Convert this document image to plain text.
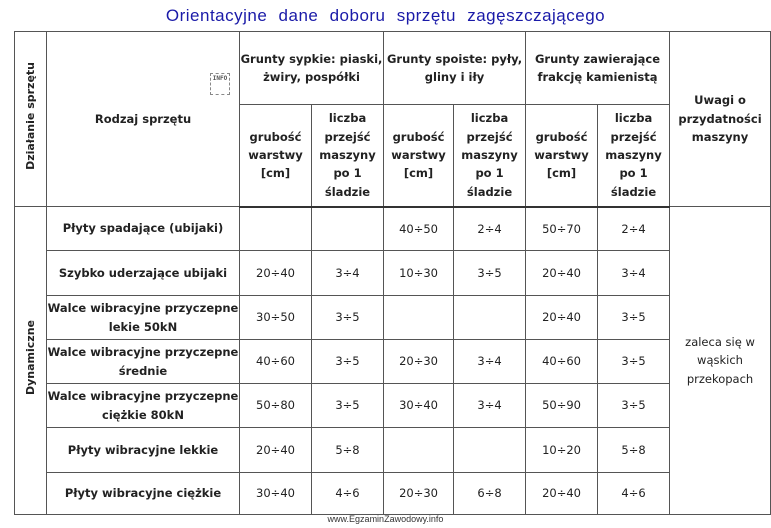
Orientacyjne dane doboru sprzętu zagęszczającego
Działanie sprzętu	Rodzaj sprzętu
INFO	Grunty sypkie: piaski,
żwiry, pospółki		Grunty spoiste: pyły,
gliny i iły		Grunty zawierające
frakcję kamienistą		Uwagi o
przydatności
maszyny
		grubość
warstwy
[cm]	liczba
przejść
maszyny
po 1
śladzie	grubość
warstwy
[cm]	liczba
przejść
maszyny
po 1
śladzie	grubość
warstwy
[cm]	liczba
przejść
maszyny
po 1
śladzie	
Dynamiczne	Płyty spadające (ubijaki)			40÷50	2÷4	50÷70	2÷4	zaleca się w
wąskich
przekopach
	Szybko uderzające ubijaki	20÷40	3÷4	10÷30	3÷5	20÷40	3÷4	
	Walce wibracyjne przyczepne
lekie 50kN	30÷50	3÷5			20÷40	3÷5	
	Walce wibracyjne przyczepne
średnie	40÷60	3÷5	20÷30	3÷4	40÷60	3÷5	
	Walce wibracyjne przyczepne
ciężkie 80kN	50÷80	3÷5	30÷40	3÷4	50÷90	3÷5	
	Płyty wibracyjne lekkie	20÷40	5÷8			10÷20	5÷8	
	Płyty wibracyjne ciężkie	30÷40	4÷6	20÷30	6÷8	20÷40	4÷6	
www.EgzaminZawodowy.info
